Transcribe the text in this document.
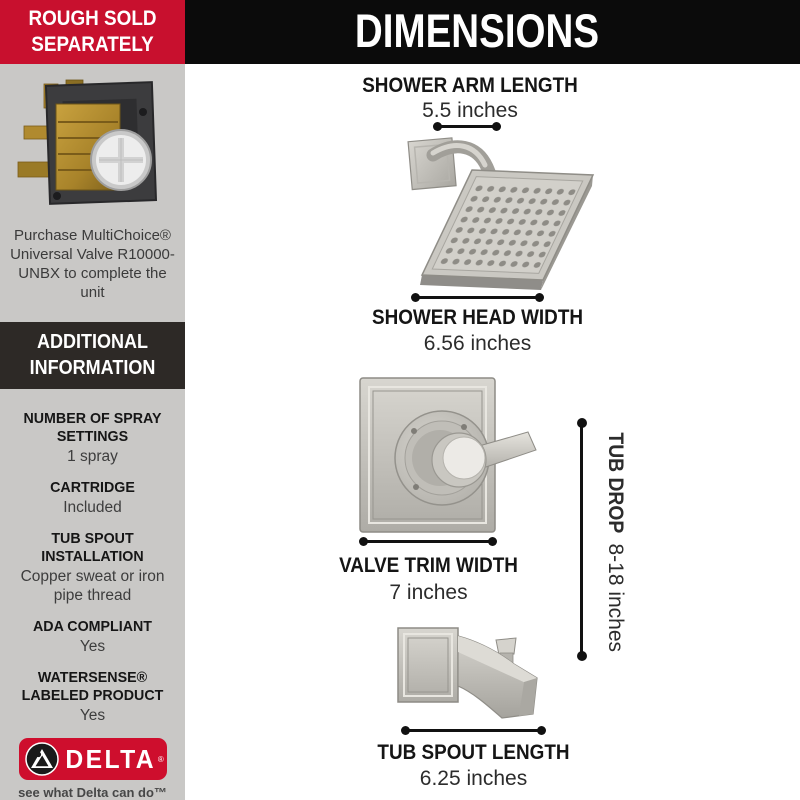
DIMENSIONS
ROUGH SOLD SEPARATELY
Purchase MultiChoice® Universal Valve R10000-UNBX to complete the unit
ADDITIONAL INFORMATION
NUMBER OF SPRAY SETTINGS
1 spray
CARTRIDGE
Included
TUB SPOUT INSTALLATION
Copper sweat or iron pipe thread
ADA COMPLIANT
Yes
WATERSENSE® LABELED PRODUCT
Yes
DELTA ®
see what Delta can do™
SHOWER ARM LENGTH
5.5 inches
SHOWER HEAD WIDTH
6.56 inches
VALVE TRIM WIDTH
7 inches
TUB DROP 8-18 inches
TUB SPOUT LENGTH
6.25 inches
